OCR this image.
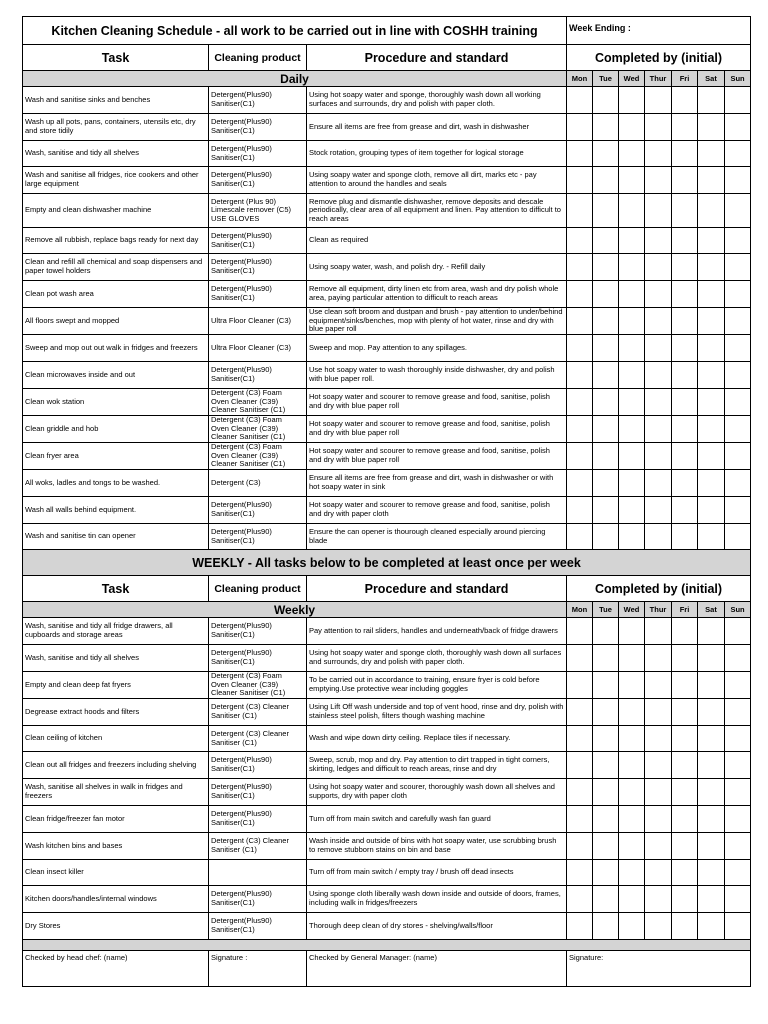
Kitchen Cleaning Schedule - all work to be carried out in line with COSHH training			Week Ending :						
Task	Cleaning product	Procedure and standard	Completed by (initial)						
Daily			Mon	Tue	Wed	Thur	Fri	Sat	Sun
Wash and sanitise sinks and benches	Detergent(Plus90)
Sanitiser(C1)	Using hot soapy water and sponge, thoroughly wash down all working surfaces and surrounds, dry and polish with paper cloth.							
Wash up all pots, pans, containers, utensils etc, dry and store tidily	Detergent(Plus90)
Sanitiser(C1)	Ensure all items are free from grease and dirt, wash in dishwasher							
Wash, sanitise and tidy all shelves	Detergent(Plus90)
Sanitiser(C1)	Stock rotation, grouping types of item together for logical storage							
Wash and sanitise all fridges, rice cookers and other large equipment	Detergent(Plus90)
Sanitiser(C1)	Using soapy water and sponge cloth, remove all dirt, marks etc - pay attention to around the handles and seals							
Empty and clean dishwasher machine	Detergent (Plus 90)
Limescale remover (C5)
USE GLOVES	Remove plug and dismantle dishwasher, remove deposits and descale periodically, clear area of all equipment and linen. Pay attention to difficult to reach areas							
Remove all rubbish, replace bags ready for next day	Detergent(Plus90)
Sanitiser(C1)	Clean as required							
Clean and refill all chemical and soap dispensers and paper towel holders	Detergent(Plus90)
Sanitiser(C1)	Using soapy water, wash, and polish dry. - Refill daily							
Clean pot wash area	Detergent(Plus90)
Sanitiser(C1)	Remove all equipment, dirty linen etc from area, wash and dry polish whole area, paying particular attention to difficult to reach areas							
All floors swept and mopped	Ultra Floor Cleaner (C3)	Use clean soft broom and dustpan and brush - pay attention to under/behind equipment/sinks/benches, mop with plenty of hot water, rinse and dry with blue paper roll							
Sweep and mop out out walk in fridges and freezers	Ultra Floor Cleaner (C3)	Sweep and mop. Pay attention to any spillages.							
Clean microwaves inside and out	Detergent(Plus90)
Sanitiser(C1)	Use hot soapy water to wash thoroughly inside dishwasher, dry and polish with blue paper roll.							
Clean wok station	Detergent (C3) Foam
Oven Cleaner (C39)
Cleaner Sanitiser (C1)	Hot soapy water and scourer to remove grease and food, sanitise, polish and dry with blue paper roll							
Clean griddle and hob	Detergent (C3) Foam
Oven Cleaner (C39)
Cleaner Sanitiser (C1)	Hot soapy water and scourer to remove grease and food, sanitise, polish and dry with blue paper roll							
Clean fryer area	Detergent (C3) Foam
Oven Cleaner (C39)
Cleaner Sanitiser (C1)	Hot soapy water and scourer to remove grease and food, sanitise, polish and dry with blue paper roll							
All woks, ladles and tongs to be washed.	Detergent (C3)	Ensure all items are free from grease and dirt, wash in dishwasher or with hot soapy water in sink							
Wash all walls behind equipment.	Detergent(Plus90)
Sanitiser(C1)	Hot soapy water and scourer to remove grease and food, sanitise, polish and dry with paper cloth							
Wash and sanitise tin can opener	Detergent(Plus90)
Sanitiser(C1)	Ensure the can opener is thourough cleaned especially around piercing blade							
WEEKLY - All tasks below to be completed at least once per week									
Task	Cleaning product	Procedure and standard	Completed by (initial)						
Weekly			Mon	Tue	Wed	Thur	Fri	Sat	Sun
Wash, sanitise and tidy all fridge drawers, all cupboards and storage areas	Detergent(Plus90)
Sanitiser(C1)	Pay attention to rail sliders, handles and underneath/back of fridge drawers							
Wash, sanitise and tidy all shelves	Detergent(Plus90)
Sanitiser(C1)	Using hot soapy water and sponge cloth, thoroughly wash down all surfaces and surrounds, dry and polish with paper cloth.							
Empty and clean deep fat fryers	Detergent (C3) Foam
Oven Cleaner (C39)
Cleaner Sanitiser (C1)	To be carried out in accordance to training, ensure fryer is cold before emptying.Use protective wear including goggles							
Degrease extract hoods and filters	Detergent (C3) Cleaner
Sanitiser (C1)	Using Lift Off wash underside and top of vent hood, rinse and dry, polish with stainless steel polish, filters though washing machine							
Clean ceiling of kitchen	Detergent (C3) Cleaner
Sanitiser (C1)	Wash and wipe down dirty ceiling. Replace tiles if necessary.							
Clean out all fridges and freezers including shelving	Detergent(Plus90)
Sanitiser(C1)	Sweep, scrub, mop and dry. Pay attention to dirt trapped in tight corners, skirting, ledges and difficult to reach areas, rinse and dry							
Wash, sanitise all shelves in walk in fridges and freezers	Detergent(Plus90)
Sanitiser(C1)	Using hot soapy water and scourer, thoroughly wash down all shelves and supports, dry with paper cloth							
Clean fridge/freezer fan motor	Detergent(Plus90)
Sanitiser(C1)	Turn off from main switch and carefully wash fan guard							
Wash kitchen bins and bases	Detergent (C3) Cleaner
Sanitiser (C1)	Wash inside and outside of bins with hot soapy water, use scrubbing brush to remove stubborn stains on bin and base							
Clean insect killer		Turn off from main switch / empty tray / brush off dead insects							
Kitchen doors/handles/internal windows	Detergent(Plus90)
Sanitiser(C1)	Using sponge cloth liberally wash down inside and outside of doors, frames, including walk in fridges/freezers							
Dry Stores	Detergent(Plus90)
Sanitiser(C1)	Thorough deep clean of dry stores - shelving/walls/floor							

Checked by head chef: (name)	Signature :	Checked by General Manager: (name)	Signature:						
